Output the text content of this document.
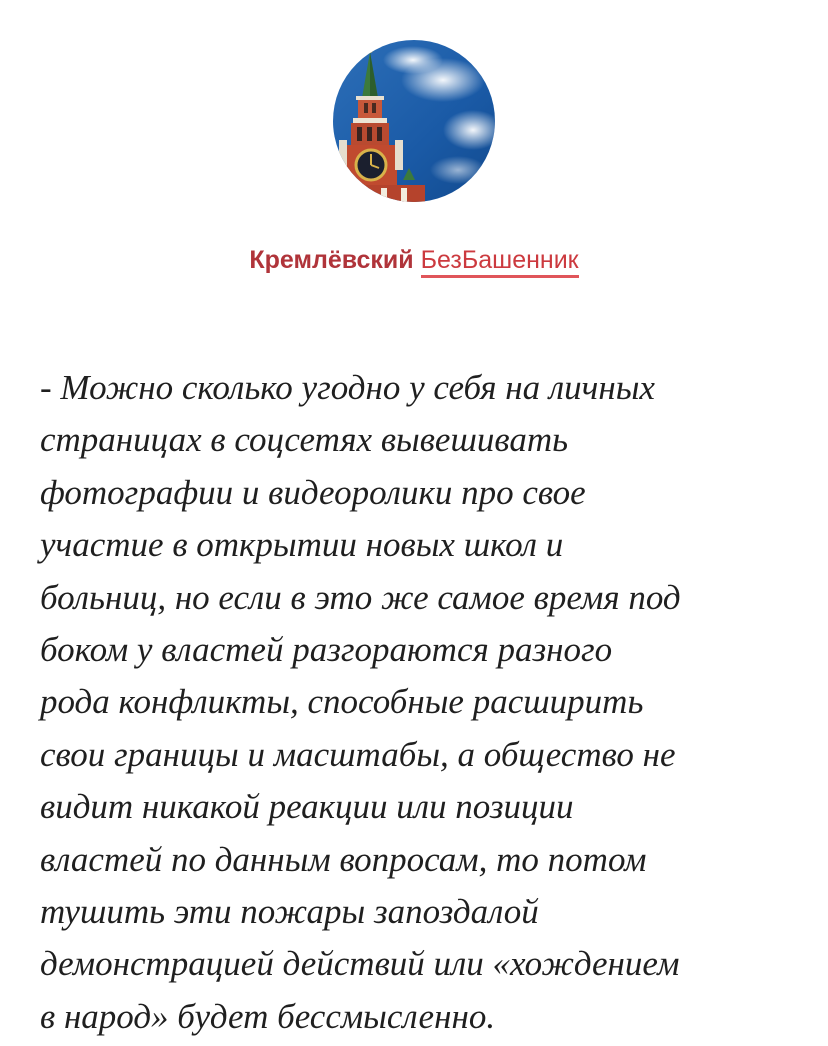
Кремлёвский БезБашенник

- Можно сколько угодно у себя на личных
страницах в соцсетях вывешивать
фотографии и видеоролики про свое
участие в открытии новых школ и
больниц, но если в это же самое время под
боком у властей разгораются разного
рода конфликты, способные расширить
свои границы и масштабы, а общество не
видит никакой реакции или позиции
властей по данным вопросам, то потом
тушить эти пожары запоздалой
демонстрацией действий или «хождением
в народ» будет бессмысленно.
